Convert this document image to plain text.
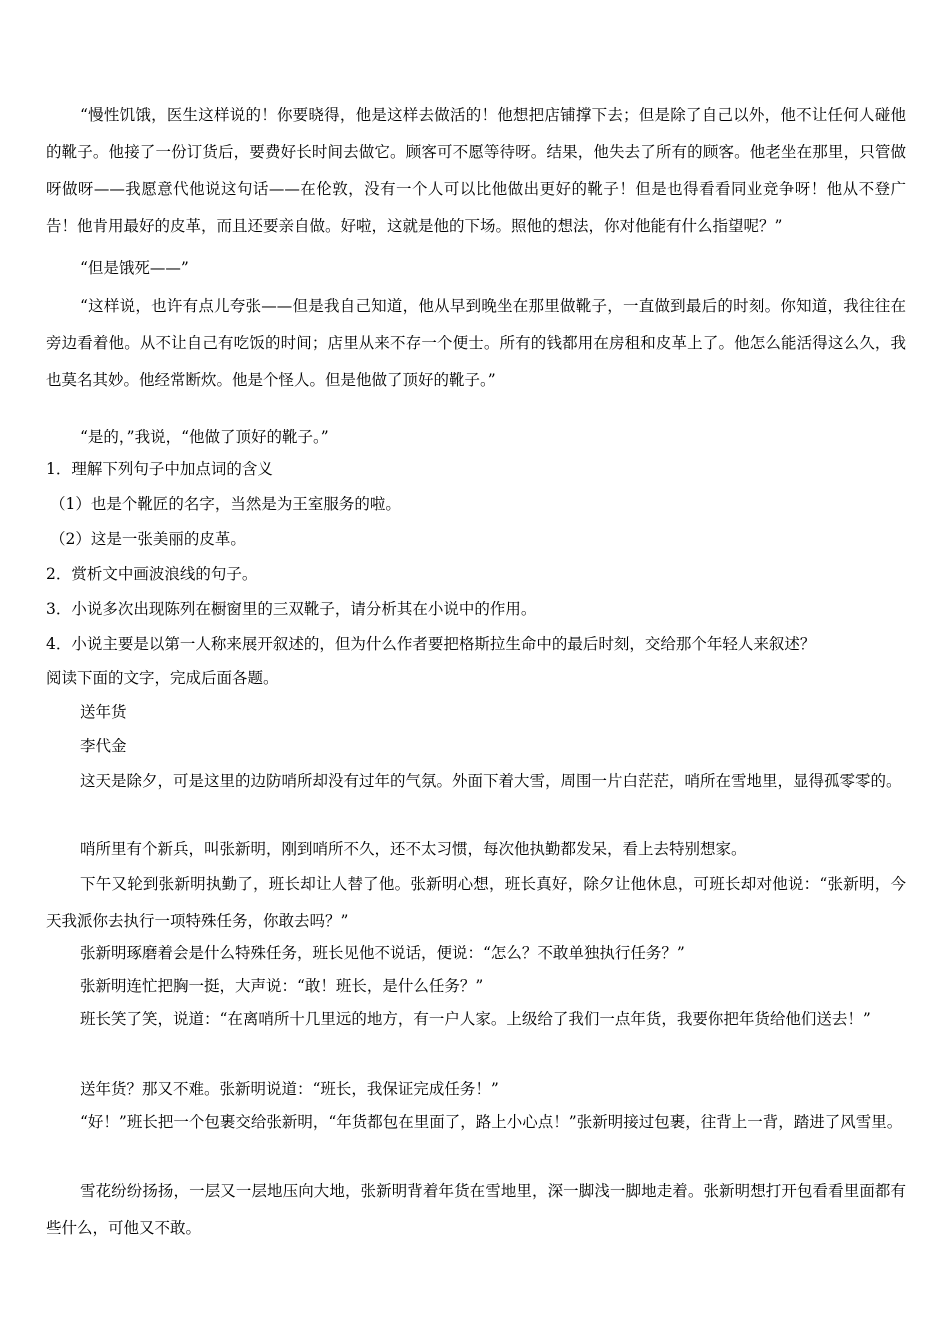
“慢性饥饿，医生这样说的！你要晓得，他是这样去做活的！他想把店铺撑下去；但是除了自己以外，他不让任何人碰他的靴子。他接了一份订货后，要费好长时间去做它。顾客可不愿等待呀。结果，他失去了所有的顾客。他老坐在那里，只管做呀做呀——我愿意代他说这句话——在伦敦，没有一个人可以比他做出更好的靴子！但是也得看看同业竞争呀！他从不登广告！他肯用最好的皮革，而且还要亲自做。好啦，这就是他的下场。照他的想法，你对他能有什么指望呢？”

“但是饿死——”

“这样说，也许有点儿夸张——但是我自己知道，他从早到晚坐在那里做靴子，一直做到最后的时刻。你知道，我往往在旁边看着他。从不让自己有吃饭的时间；店里从来不存一个便士。所有的钱都用在房租和皮革上了。他怎么能活得这么久，我也莫名其妙。他经常断炊。他是个怪人。但是他做了顶好的靴子。”

“是的，”我说，“他做了顶好的靴子。”

1．理解下列句子中加点词的含义

（1）也是个靴匠的名字，当然是为王室服务的啦。

（2）这是一张美丽的皮革。

2．赏析文中画波浪线的句子。

3．小说多次出现陈列在橱窗里的三双靴子，请分析其在小说中的作用。

4．小说主要是以第一人称来展开叙述的，但为什么作者要把格斯拉生命中的最后时刻，交给那个年轻人来叙述？

阅读下面的文字，完成后面各题。

送年货

李代金

这天是除夕，可是这里的边防哨所却没有过年的气氛。外面下着大雪，周围一片白茫茫，哨所在雪地里，显得孤零零的。

哨所里有个新兵，叫张新明，刚到哨所不久，还不太习惯，每次他执勤都发呆，看上去特别想家。

下午又轮到张新明执勤了，班长却让人替了他。张新明心想，班长真好，除夕让他休息，可班长却对他说：“张新明，今天我派你去执行一项特殊任务，你敢去吗？”

张新明琢磨着会是什么特殊任务，班长见他不说话，便说：“怎么？不敢单独执行任务？”

张新明连忙把胸一挺，大声说：“敢！班长，是什么任务？”

班长笑了笑，说道：“在离哨所十几里远的地方，有一户人家。上级给了我们一点年货，我要你把年货给他们送去！”

送年货？那又不难。张新明说道：“班长，我保证完成任务！”

“好！”班长把一个包裹交给张新明，“年货都包在里面了，路上小心点！”张新明接过包裹，往背上一背，踏进了风雪里。

雪花纷纷扬扬，一层又一层地压向大地，张新明背着年货在雪地里，深一脚浅一脚地走着。张新明想打开包看看里面都有些什么，可他又不敢。
